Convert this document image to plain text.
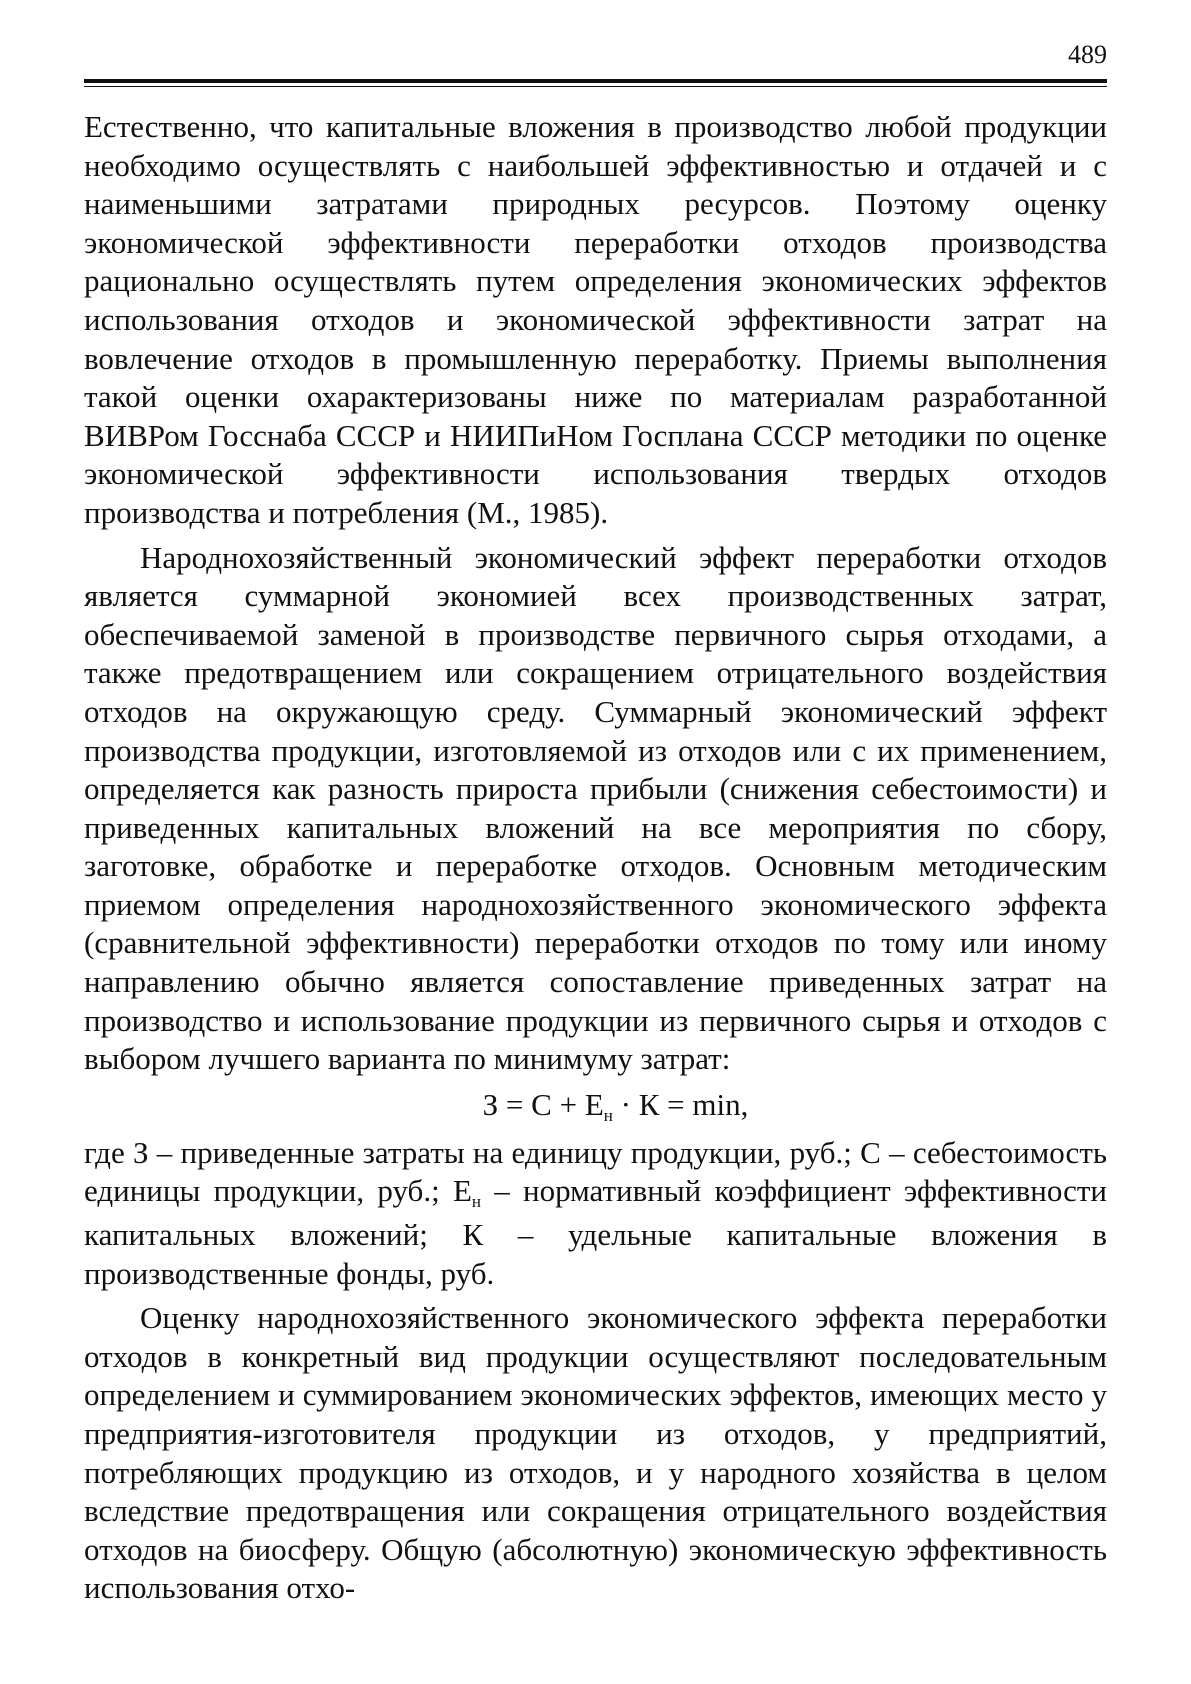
489

Естественно, что капитальные вложения в производство любой продукции необходимо осуществлять с наибольшей эффективностью и отдачей и с наименьшими затратами природных ресурсов. Поэтому оценку экономической эффективности переработки отходов производства рационально осуществлять путем определения экономических эффектов использования отходов и экономической эффективности затрат на вовлечение отходов в промышленную переработку. Приемы выполнения такой оценки охарактеризованы ниже по материалам разработанной ВИВРом Госснаба СССР и НИИПиНом Госплана СССР методики по оценке экономической эффективности использования твердых отходов производства и потребления (М., 1985).

Народнохозяйственный экономический эффект переработки отходов является суммарной экономией всех производственных затрат, обеспечиваемой заменой в производстве первичного сырья отходами, а также предотвращением или сокращением отрицательного воздействия отходов на окружающую среду. Суммарный экономический эффект производства продукции, изготовляемой из отходов или с их применением, определяется как разность прироста прибыли (снижения себестоимости) и приведенных капитальных вложений на все мероприятия по сбору, заготовке, обработке и переработке отходов. Основным методическим приемом определения народнохозяйственного экономического эффекта (сравнительной эффективности) переработки отходов по тому или иному направлению обычно является сопоставление приведенных затрат на производство и использование продукции из первичного сырья и отходов с выбором лучшего варианта по минимуму затрат:

З = С + Ен · К = min,

где З – приведенные затраты на единицу продукции, руб.; С – себестоимость единицы продукции, руб.; Ен – нормативный коэффициент эффективности капитальных вложений; К – удельные капитальные вложения в производственные фонды, руб.

Оценку народнохозяйственного экономического эффекта переработки отходов в конкретный вид продукции осуществляют последовательным определением и суммированием экономических эффектов, имеющих место у предприятия-изготовителя продукции из отходов, у предприятий, потребляющих продукцию из отходов, и у народного хозяйства в целом вследствие предотвращения или сокращения отрицательного воздействия отходов на биосферу. Общую (абсолютную) экономическую эффективность использования отхо-
